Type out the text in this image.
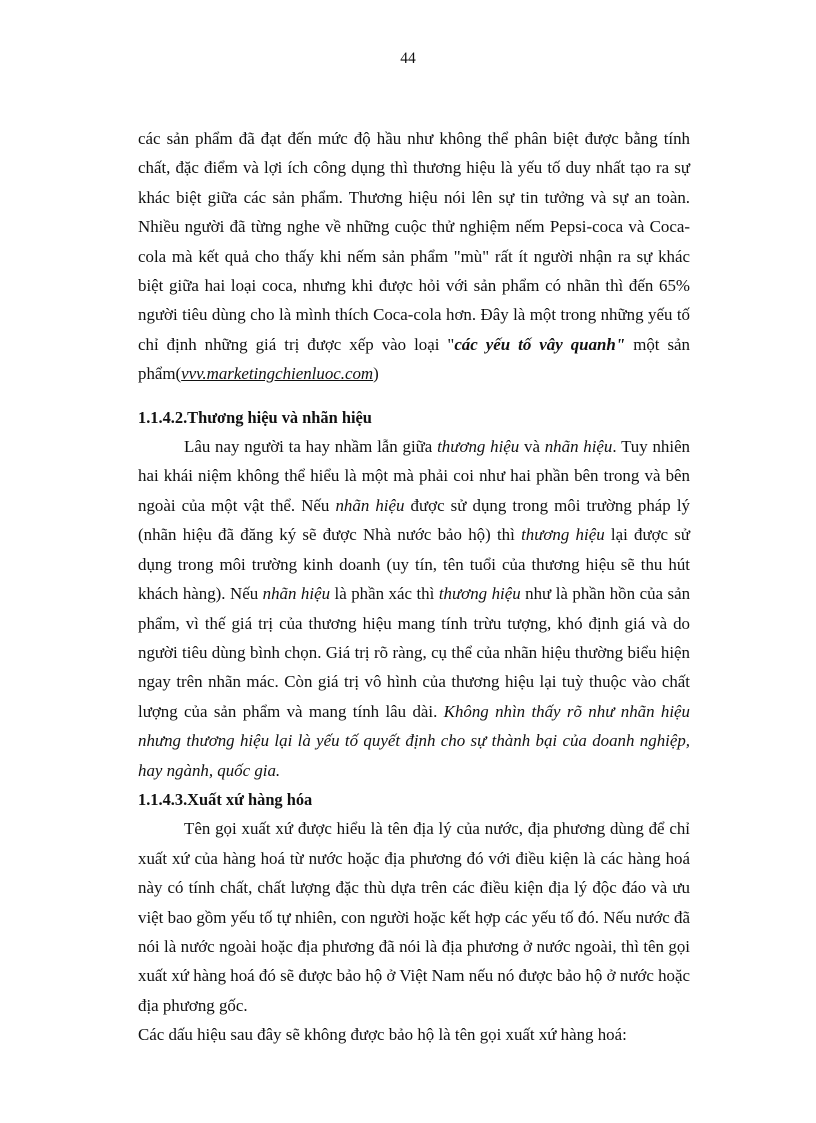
44

các sản phẩm đã đạt đến mức độ hầu như không thể phân biệt được bằng tính chất, đặc điểm và lợi ích công dụng thì thương hiệu là yếu tố duy nhất tạo ra sự khác biệt giữa các sản phẩm. Thương hiệu nói lên sự tin tưởng và sự an toàn. Nhiều người đã từng nghe về những cuộc thử nghiệm nếm Pepsi-coca và Coca-cola mà kết quả cho thấy khi nếm sản phẩm "mù" rất ít người nhận ra sự khác biệt giữa hai loại coca, nhưng khi được hỏi với sản phẩm có nhãn thì đến 65% người tiêu dùng cho là mình thích Coca-cola hơn. Đây là một trong những yếu tố chỉ định những giá trị được xếp vào loại "các yếu tố vây quanh" một sản phẩm(vvv.marketingchienluoc.com)

1.1.4.2.Thương hiệu và nhãn hiệu

Lâu nay người ta hay nhầm lẫn giữa thương hiệu và nhãn hiệu. Tuy nhiên hai khái niệm không thể hiểu là một mà phải coi như hai phần bên trong và bên ngoài của một vật thể. Nếu nhãn hiệu được sử dụng trong môi trường pháp lý (nhãn hiệu đã đăng ký sẽ được Nhà nước bảo hộ) thì thương hiệu lại được sử dụng trong môi trường kinh doanh (uy tín, tên tuổi của thương hiệu sẽ thu hút khách hàng). Nếu nhãn hiệu là phần xác thì thương hiệu như là phần hồn của sản phẩm, vì thế giá trị của thương hiệu mang tính trừu tượng, khó định giá và do người tiêu dùng bình chọn. Giá trị rõ ràng, cụ thể của nhãn hiệu thường biểu hiện ngay trên nhãn mác. Còn giá trị vô hình của thương hiệu lại tuỳ thuộc vào chất lượng của sản phẩm và mang tính lâu dài. Không nhìn thấy rõ như nhãn hiệu nhưng thương hiệu lại là yếu tố quyết định cho sự thành bại của doanh nghiệp, hay ngành, quốc gia.

1.1.4.3.Xuất xứ hàng hóa

Tên gọi xuất xứ được hiểu là tên địa lý của nước, địa phương dùng để chỉ xuất xứ của hàng hoá từ nước hoặc địa phương đó với điều kiện là các hàng hoá này có tính chất, chất lượng đặc thù dựa trên các điều kiện địa lý độc đáo và ưu việt bao gồm yếu tố tự nhiên, con người hoặc kết hợp các yếu tố đó. Nếu nước đã nói là nước ngoài hoặc địa phương đã nói là địa phương ở nước ngoài, thì tên gọi xuất xứ hàng hoá đó sẽ được bảo hộ ở Việt Nam nếu nó được bảo hộ ở nước hoặc địa phương gốc.

Các dấu hiệu sau đây sẽ không được bảo hộ là tên gọi xuất xứ hàng hoá:
